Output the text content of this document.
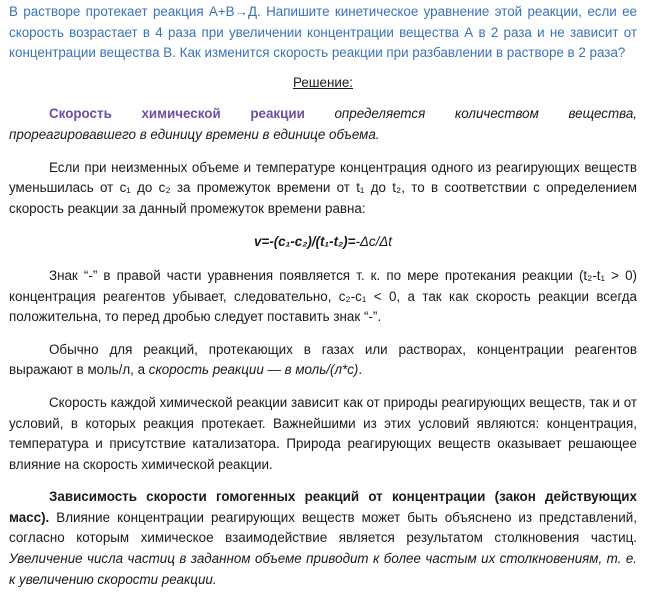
В растворе протекает реакция А+В→Д. Напишите кинетическое уравнение этой реакции, если ее скорость возрастает в 4 раза при увеличении концентрации вещества А в 2 раза и не зависит от концентрации вещества В. Как изменится скорость реакции при разбавлении в растворе в 2 раза?

Решение:

Скорость химической реакции определяется количеством вещества, прореагировавшего в единицу времени в единице объема.

Если при неизменных объеме и температуре концентрация одного из реагирующих веществ уменьшилась от c₁ до c₂ за промежуток времени от t₁ до t₂, то в соответствии с определением скорость реакции за данный промежуток времени равна:

v=-(c₁-c₂)/(t₁-t₂)=-Δc/Δt

Знак “-” в правой части уравнения появляется т. к. по мере протекания реакции (t₂-t₁ > 0) концентрация реагентов убывает, следовательно, c₂-c₁ < 0, а так как скорость реакции всегда положительна, то перед дробью следует поставить знак “-”.

Обычно для реакций, протекающих в газах или растворах, концентрации реагентов выражают в моль/л, а скорость реакции — в моль/(л*с).

Скорость каждой химической реакции зависит как от природы реагирующих веществ, так и от условий, в которых реакция протекает. Важнейшими из этих условий являются: концентрация, температура и присутствие катализатора. Природа реагирующих веществ оказывает решающее влияние на скорость химической реакции.

Зависимость скорости гомогенных реакций от концентрации (закон действующих масс). Влияние концентрации реагирующих веществ может быть объяснено из представлений, согласно которым химическое взаимодействие является результатом столкновения частиц. Увеличение числа частиц в заданном объеме приводит к более частым их столкновениям, т. е. к увеличению скорости реакции.
